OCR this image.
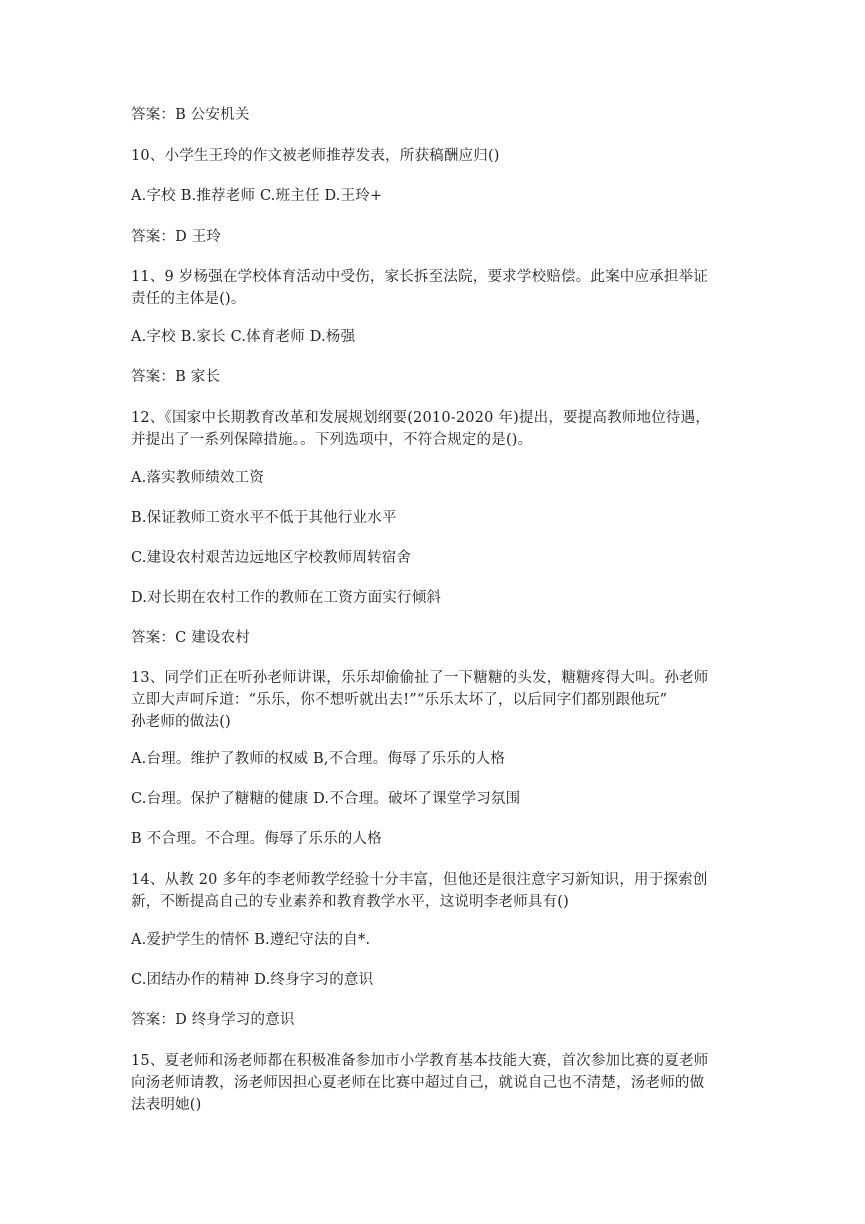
答案：B 公安机关
10、小学生王玲的作文被老师推荐发表，所获稿酬应归()
A.字校 B.推荐老师 C.班主任 D.王玲+
答案：D 王玲
11、9 岁杨强在学校体育活动中受伤，家长拆至法院，要求学校赔偿。此案中应承担举证
责任的主体是()。
A.字校 B.家长 C.体育老师 D.杨强
答案：B 家长
12、《国家中长期教育改革和发展规划纲要(2010-2020 年)提出，要提高教师地位待遇，
并提出了一系列保障措施。。下列选项中，不符合规定的是()。
A.落实教师绩效工资
B.保证教师工资水平不低于其他行业水平
C.建设农村艰苦边远地区字校教师周转宿舍
D.对长期在农村工作的教师在工资方面实行倾斜
答案：C 建设农村
13、同学们正在听孙老师讲课，乐乐却偷偷扯了一下糖糖的头发，糖糖疼得大叫。孙老师
立即大声呵斥道：“乐乐，你不想听就出去!”“乐乐太坏了，以后同字们都别跟他玩”
孙老师的做法()
A.台理。维护了教师的权威 B,不合理。侮辱了乐乐的人格
C.台理。保护了糖糖的健康 D.不合理。破坏了课堂学习氛围
B 不合理。不合理。侮辱了乐乐的人格
14、从教 20 多年的李老师教学经验十分丰富，但他还是很注意字习新知识，用于探索创
新，不断提高自己的专业素养和教育教学水平，这说明李老师具有()
A.爱护学生的情怀 B.遵纪守法的自*.
C.团结办作的精神 D.终身字习的意识
答案：D 终身学习的意识
15、夏老师和汤老师都在积极准备参加市小学教育基本技能大赛，首次参加比赛的夏老师
向汤老师请教，汤老师因担心夏老师在比赛中超过自己，就说自己也不清楚，汤老师的做
法表明她()
